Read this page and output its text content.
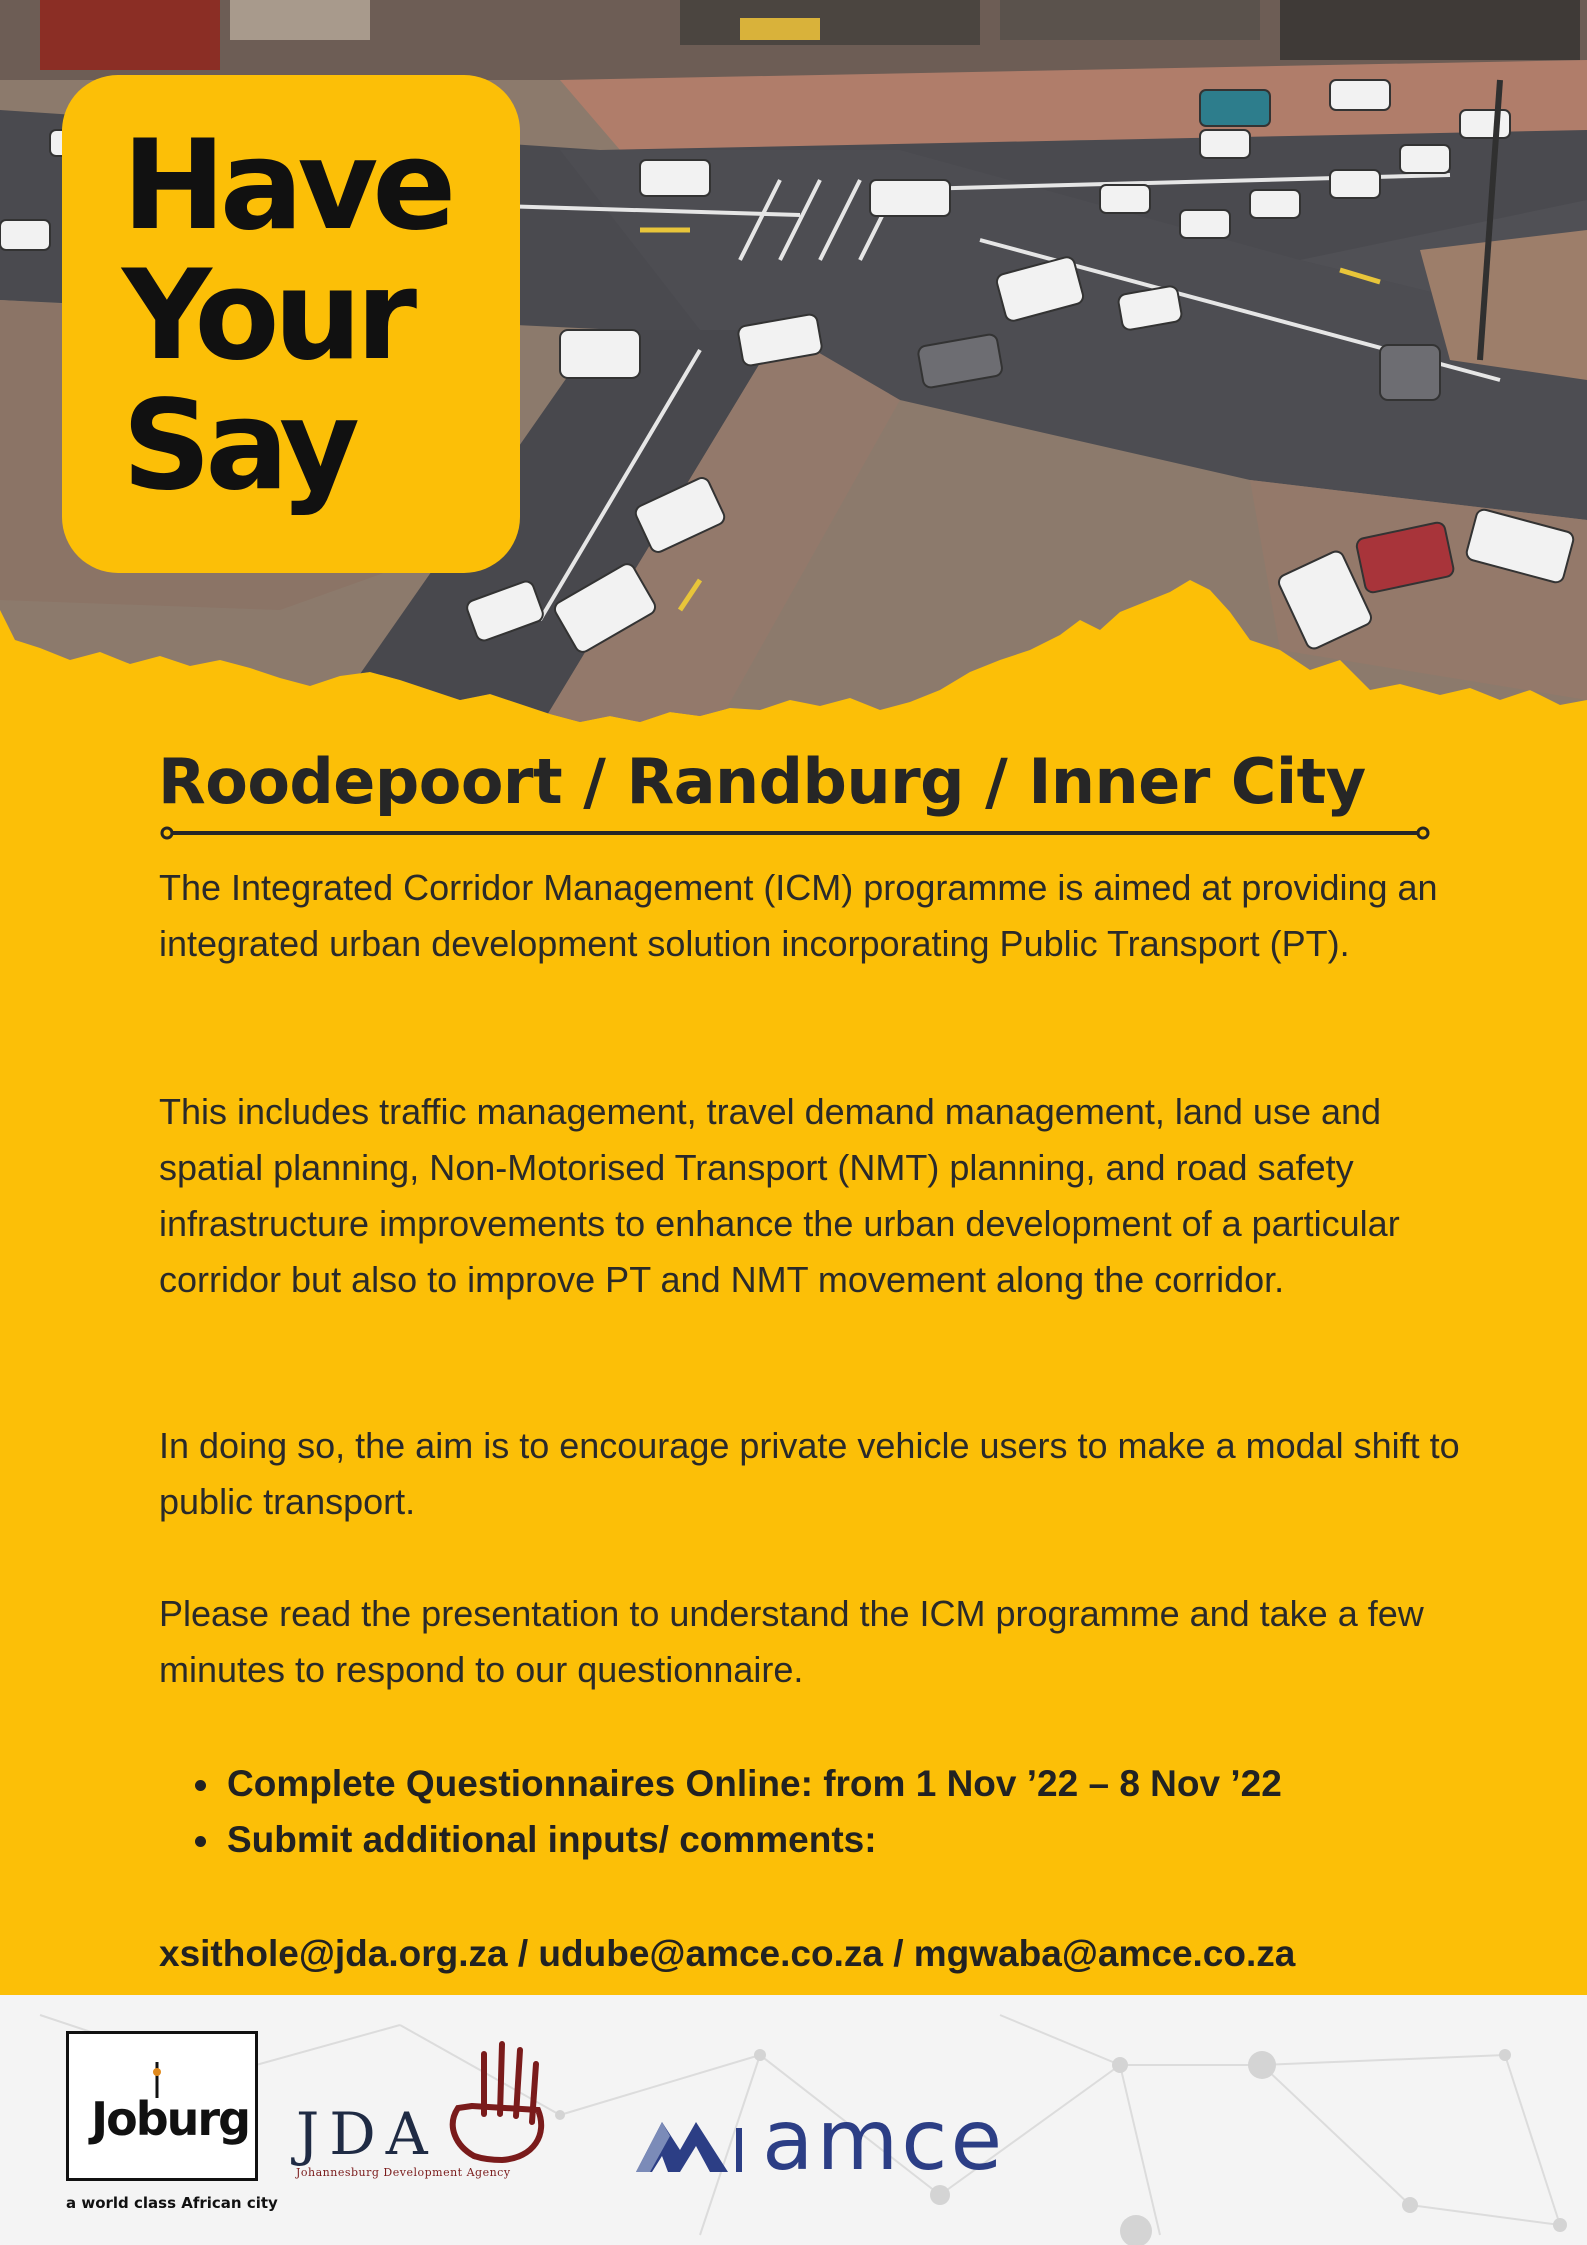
Have
Your
Say
Roodepoort / Randburg / Inner City

The Integrated Corridor Management (ICM) programme is aimed at providing an integrated urban development solution incorporating Public Transport (PT).

This includes traffic management, travel demand management, land use and spatial planning, Non-Motorised Transport (NMT) planning, and road safety infrastructure improvements to enhance the urban development of a particular corridor but also to improve PT and NMT movement along the corridor.

In doing so, the aim is to encourage private vehicle users to make a modal shift to public transport.

Please read the presentation to understand the ICM programme and take a few minutes to respond to our questionnaire.

Complete Questionnaires Online: from 1 Nov ’22 – 8 Nov ’22
Submit additional inputs/ comments:
xsithole@jda.org.za / udube@amce.co.za / mgwaba@amce.co.za
Joburg
a world class African city
JDA
Johannesburg Development Agency	amce
